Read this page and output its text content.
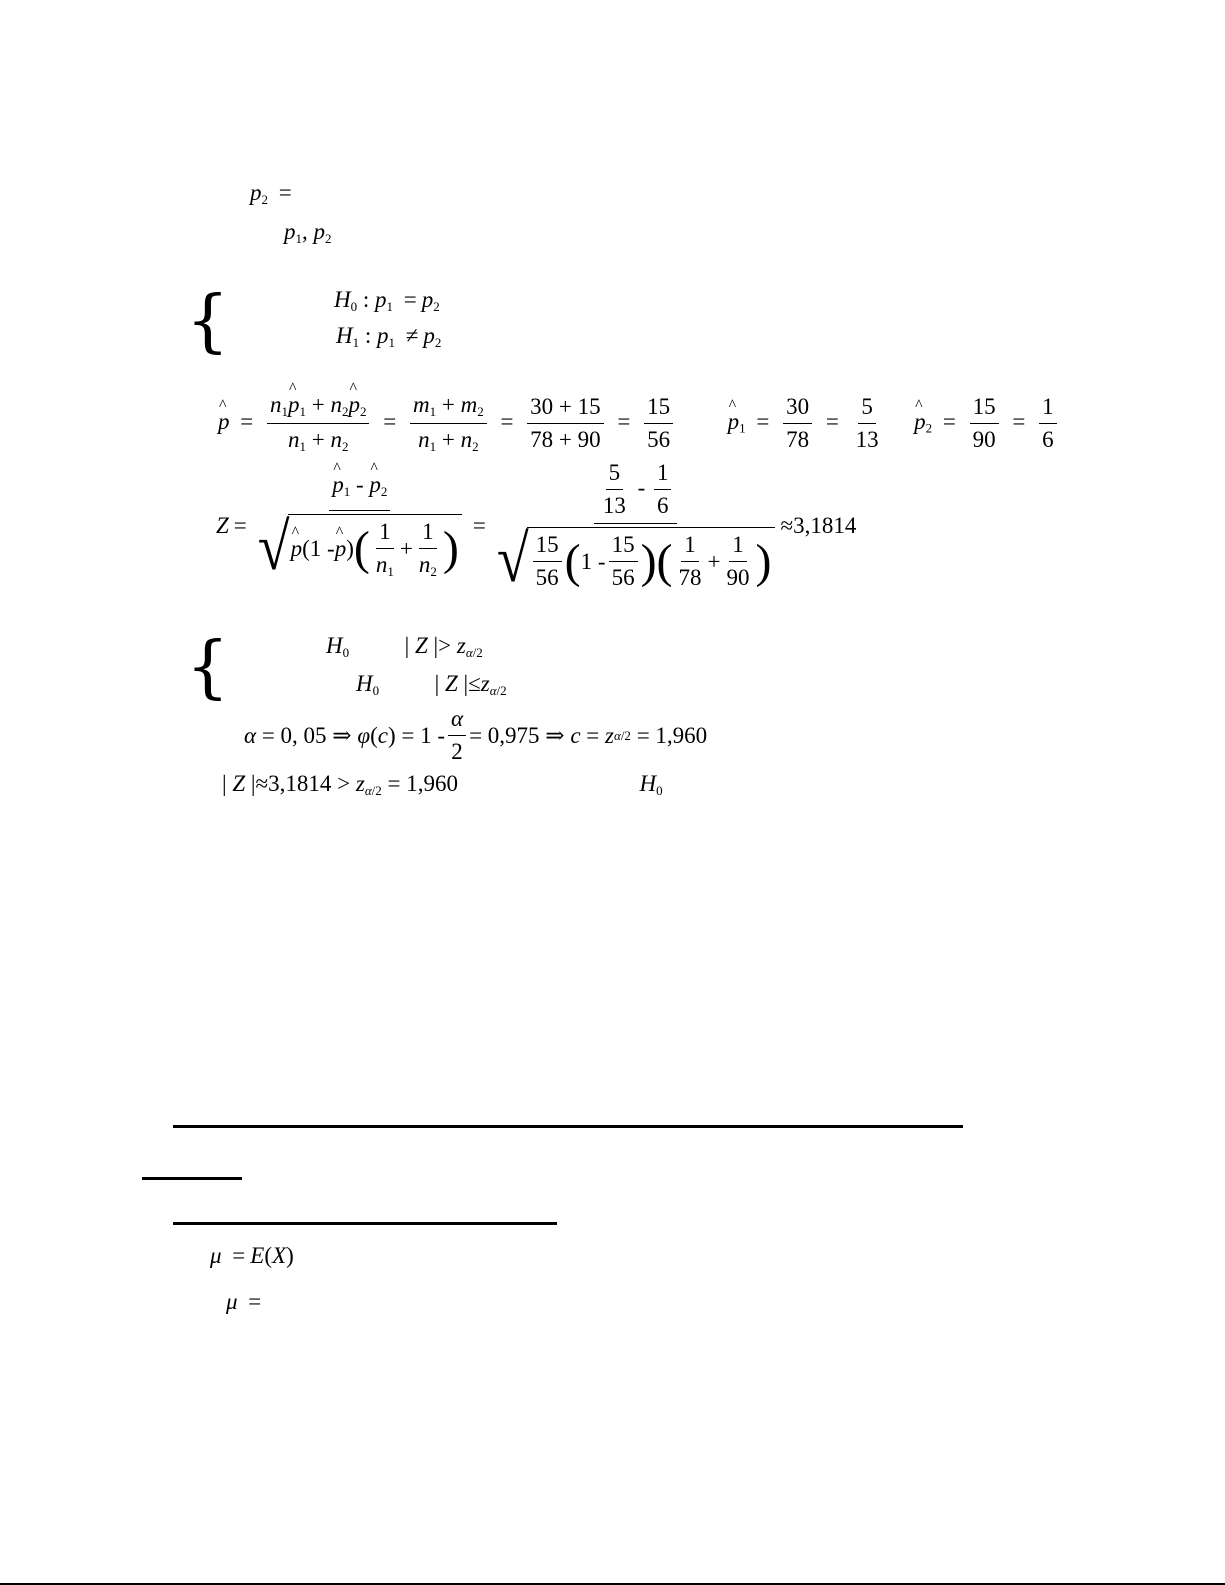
$p_2$ =
$p_1$, $p_2$
{	$H_0$ : $p_1 = p_2$
$H_1$ : $p_1 \ne p_2$
^ $p = \frac{n_1\^{} p_1 + n_2\^{} p_2}{n_1 + n_2} = \frac{m_1 + m_2}{n_1 + n_2} = \frac{30 + 15}{78 + 90} = \frac{15}{56}$
^ $p_1 = \frac{30}{78} = \frac{5}{13}$
^ $p_2 = \frac{15}{90} = \frac{1}{6}$
Z =
^ $p_1$ - ^ $p_2$
√
^ p (1 -
^ p ) ( $\frac{1}{n_1} + \frac{1}{n_2}$ ) = $\frac{\frac{5}{13} - \frac{1}{6}}{√ \frac{15}{56} ( 1 - \frac{15}{56} ) ( \frac{1}{78} + \frac{1}{90} )} \approx 3,1814$
{	$H_0$  | Z |> $z_{\alpha/2}$
$H_0$  | Z $|\le z_{\alpha/2}$
α = 0, 05 ⇒ φ ( c ) = $1 - \frac{\alpha}{2} = 0,975$ ⇒ c = z α/2 = 1,960
| Z $|\approx 3,1814 > z_{\alpha/2} = 1,960$	$H_0$
μ = E(X)
μ =
